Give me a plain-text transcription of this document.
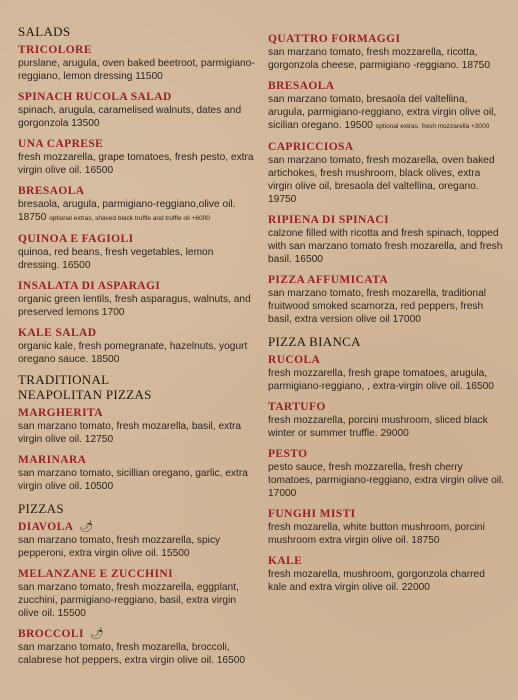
SALADS
TRICOLORE
purslane, arugula, oven baked beetroot, parmigiano-reggiano, lemon dressing 11500
SPINACH RUCOLA SALAD
spinach, arugula, caramelised walnuts, dates and gorgonzola 13500
UNA CAPRESE
fresh mozzarella, grape tomatoes, fresh pesto, extra virgin olive oil. 16500
BRESAOLA
bresaola, arugula, parmigiano-reggiano,olive oil. 18750 optional extras, shaved black truffle and truffle oil +6000
QUINOA E FAGIOLI
quinoa, red beans, fresh vegetables, lemon dressing. 16500
INSALATA DI ASPARAGI
organic green lentils, fresh asparagus, walnuts, and preserved lemons 1700
KALE SALAD
organic kale, fresh pomegranate, hazelnuts, yogurt oregano sauce. 18500
TRADITIONAL NEAPOLITAN PIZZAS
MARGHERITA
san marzano tomato, fresh mozarella, basil, extra virgin olive oil. 12750
MARINARA
san marzano tomato, sicillian oregano, garlic, extra virgin olive oil. 10500
PIZZAS
DIAVOLA 🌶
san marzano tomato, fresh mozzarella, spicy pepperoni, extra virgin olive oil. 15500
MELANZANE E ZUCCHINI
san marzano tomato, fresh mozzarella, eggplant, zucchini, parmigiano-reggiano, basil, extra virgin olive oil. 15500
BROCCOLI 🌶
san marzano tomato, fresh mozarella, broccoli, calabrese hot peppers, extra virgin olive oil. 16500
QUATTRO FORMAGGI
san marzano tomato, fresh mozzarella, ricotta, gorgonzola cheese, parmigiano -reggiano. 18750
BRESAOLA
san marzano tomato, bresaola del valtellina, arugula, parmigiano-reggiano, extra virgin olive oil, sicilian oregano. 19500 optional extras, fresh mozzarella +3000
CAPRICCIOSA
san marzano tomato, fresh mozarella, oven baked artichokes, fresh mushroom, black olives, extra virgin olive oil, bresaola del valtellina, oregano. 19750
RIPIENA DI SPINACI
calzone filled with ricotta and fresh spinach, topped with san marzano tomato fresh mozarella, and fresh basil. 16500
PIZZA AFFUMICATA
san marzano tomato, fresh mozarella, traditional fruitwood smoked scamorza, red peppers, fresh basil, extra version olive oil 17000
PIZZA BIANCA
RUCOLA
fresh mozzarella, fresh grape tomatoes, arugula, parmigiano-reggiano, , extra-virgin olive oil. 16500
TARTUFO
fresh mozzarella, porcini mushroom, sliced black winter or summer truffle. 29000
PESTO
pesto sauce, fresh mozzarella, fresh cherry tomatoes, parmigiano-reggiano, extra virgin olive oil. 17000
FUNGHI MISTI
fresh mozarella, white button mushroom, porcini mushroom extra virgin olive oil. 18750
KALE
fresh mozarella, mushroom, gorgonzola charred kale and extra virgin olive oil. 22000
